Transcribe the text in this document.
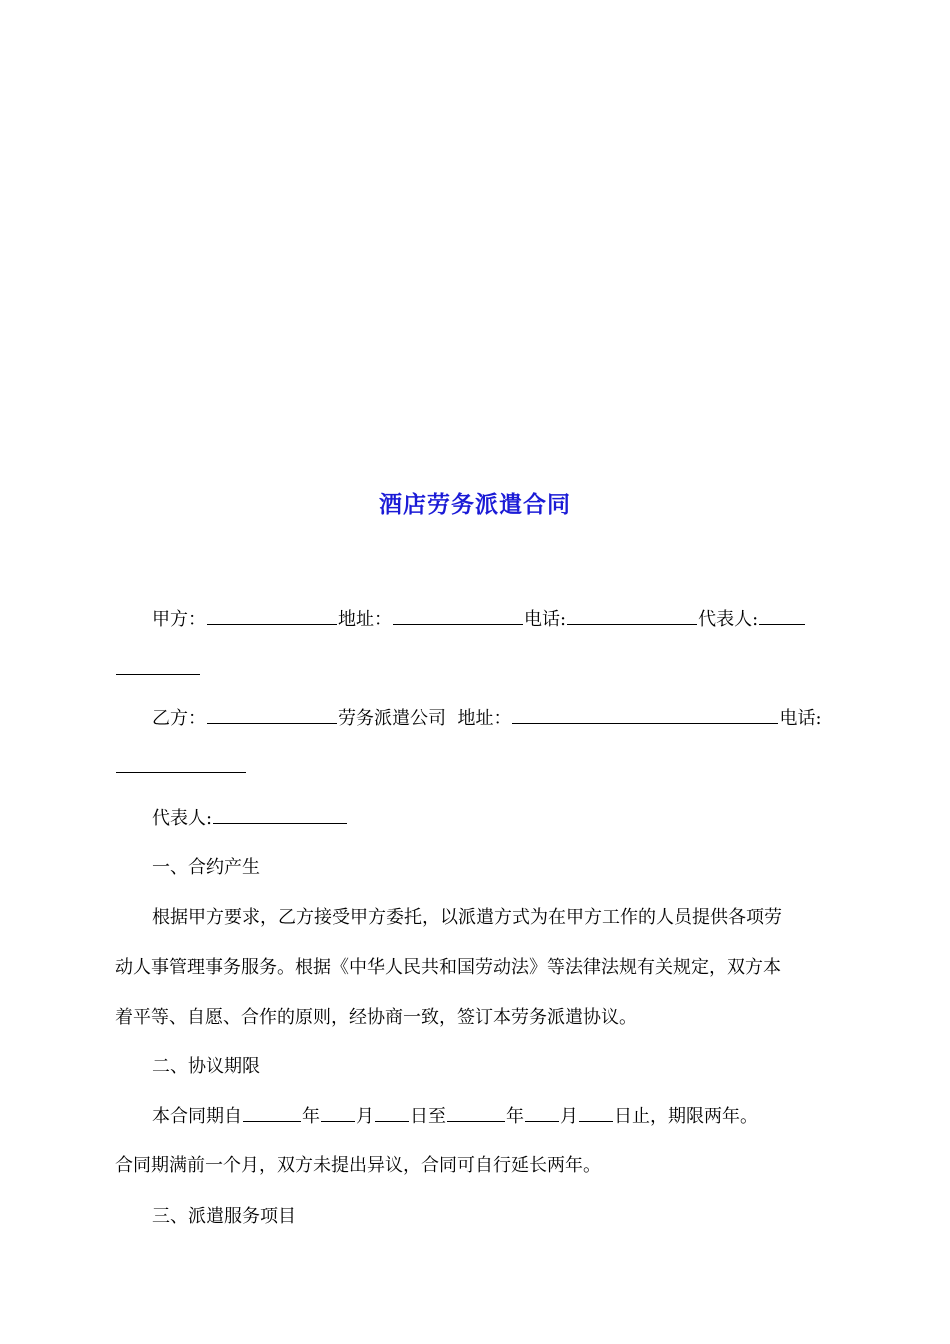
酒店劳务派遣合同

甲方：	地址：	电话:	代表人:

乙方：	劳务派遣公司 地址：	电话:

代表人:

一、合约产生

根据甲方要求，乙方接受甲方委托，以派遣方式为在甲方工作的人员提供各项劳

动人事管理事务服务。根据《中华人民共和国劳动法》等法律法规有关规定，双方本

着平等、自愿、合作的原则，经协商一致，签订本劳务派遣协议。

二、协议期限

本合同期自	年 月 日至	年 月 日止，期限两年。

合同期满前一个月，双方未提出异议，合同可自行延长两年。

三、派遣服务项目
